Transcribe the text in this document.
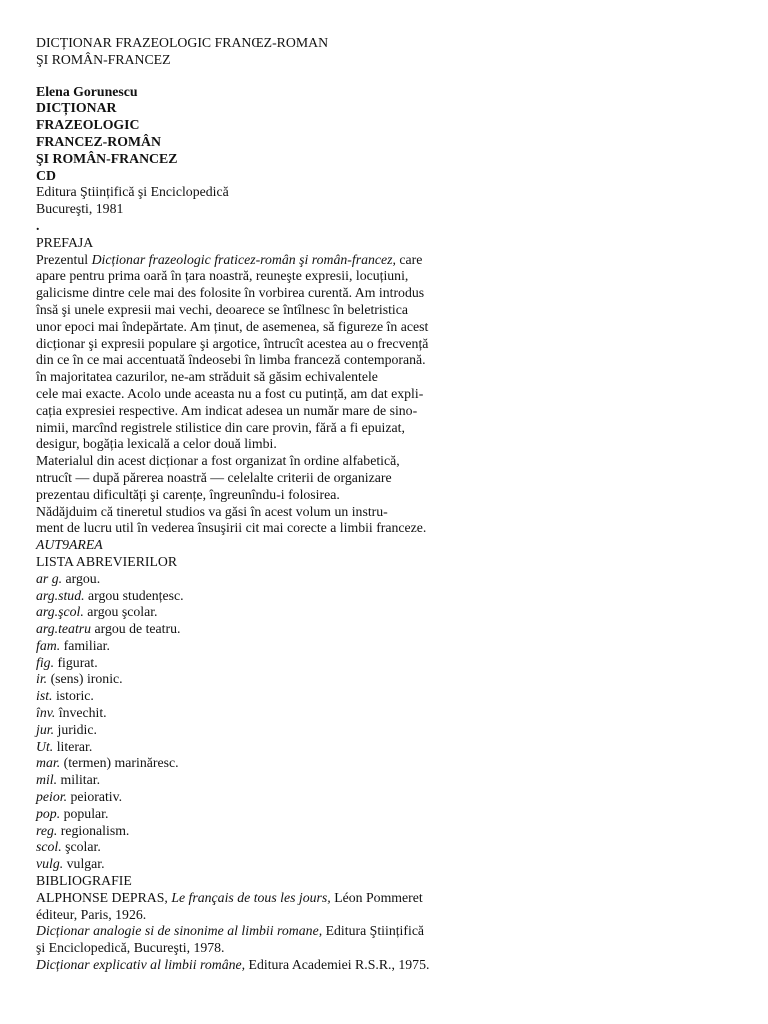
DICȚIONAR FRAZEOLOGIC FRANŒZ-ROMAN
ŞI ROMÂN-FRANCEZ
Elena Gorunescu
DICȚIONAR
FRAZEOLOGIC
FRANCEZ-ROMÂN
ŞI ROMÂN-FRANCEZ
CD
Editura Ştiințifică şi Enciclopedică
Bucureşti, 1981
.
PREFAJA
Prezentul Dicționar frazeologic fraticez-român şi român-francez, care
apare pentru prima oară în țara noastră, reuneşte expresii, locuțiuni,
galicisme dintre cele mai des folosite în vorbirea curentă. Am introdus
însă şi unele expresii mai vechi, deoarece se întîlnesc în beletristica
unor epoci mai îndepărtate. Am ținut, de asemenea, să figureze în acest
dicționar şi expresii populare şi argotice, întrucît acestea au o frecvență
din ce în ce mai accentuată îndeosebi în limba franceză contemporană.
în majoritatea cazurilor, ne-am străduit să găsim echivalentele
cele mai exacte. Acolo unde aceasta nu a fost cu putință, am dat expli-
cația expresiei respective. Am indicat adesea un număr mare de sino-
nimii, marcînd registrele stilistice din care provin, fără a fi epuizat,
desigur, bogăția lexicală a celor două limbi.
Materialul din acest dicționar a fost organizat în ordine alfabetică,
ntrucît — după părerea noastră — celelalte criterii de organizare
prezentau dificultăți şi carențe, îngreunîndu-i folosirea.
Nădăjduim că tineretul studios va găsi în acest volum un instru-
ment de lucru util în vederea însuşirii cit mai corecte a limbii franceze.
AUT9AREA
LISTA ABREVIERILOR
ar g. argou.
arg.stud. argou studențesc.
arg.şcol. argou şcolar.
arg.teatru argou de teatru.
fam. familiar.
fig. figurat.
ir. (sens) ironic.
ist. istoric.
înv. învechit.
jur. juridic.
Ut. literar.
mar. (termen) marinăresc.
mil. militar.
peior. peiorativ.
pop. popular.
reg. regionalism.
scol. şcolar.
vulg. vulgar.
BIBLIOGRAFIE
ALPHONSE DEPRAS, Le français de tous les jours, Léon Pommeret
éditeur, Paris, 1926.
Dicționar analogie si de sinonime al limbii romane, Editura Ştiințifică
şi Enciclopedică, Bucureşti, 1978.
Dicționar explicativ al limbii române, Editura Academiei R.S.R., 1975.
